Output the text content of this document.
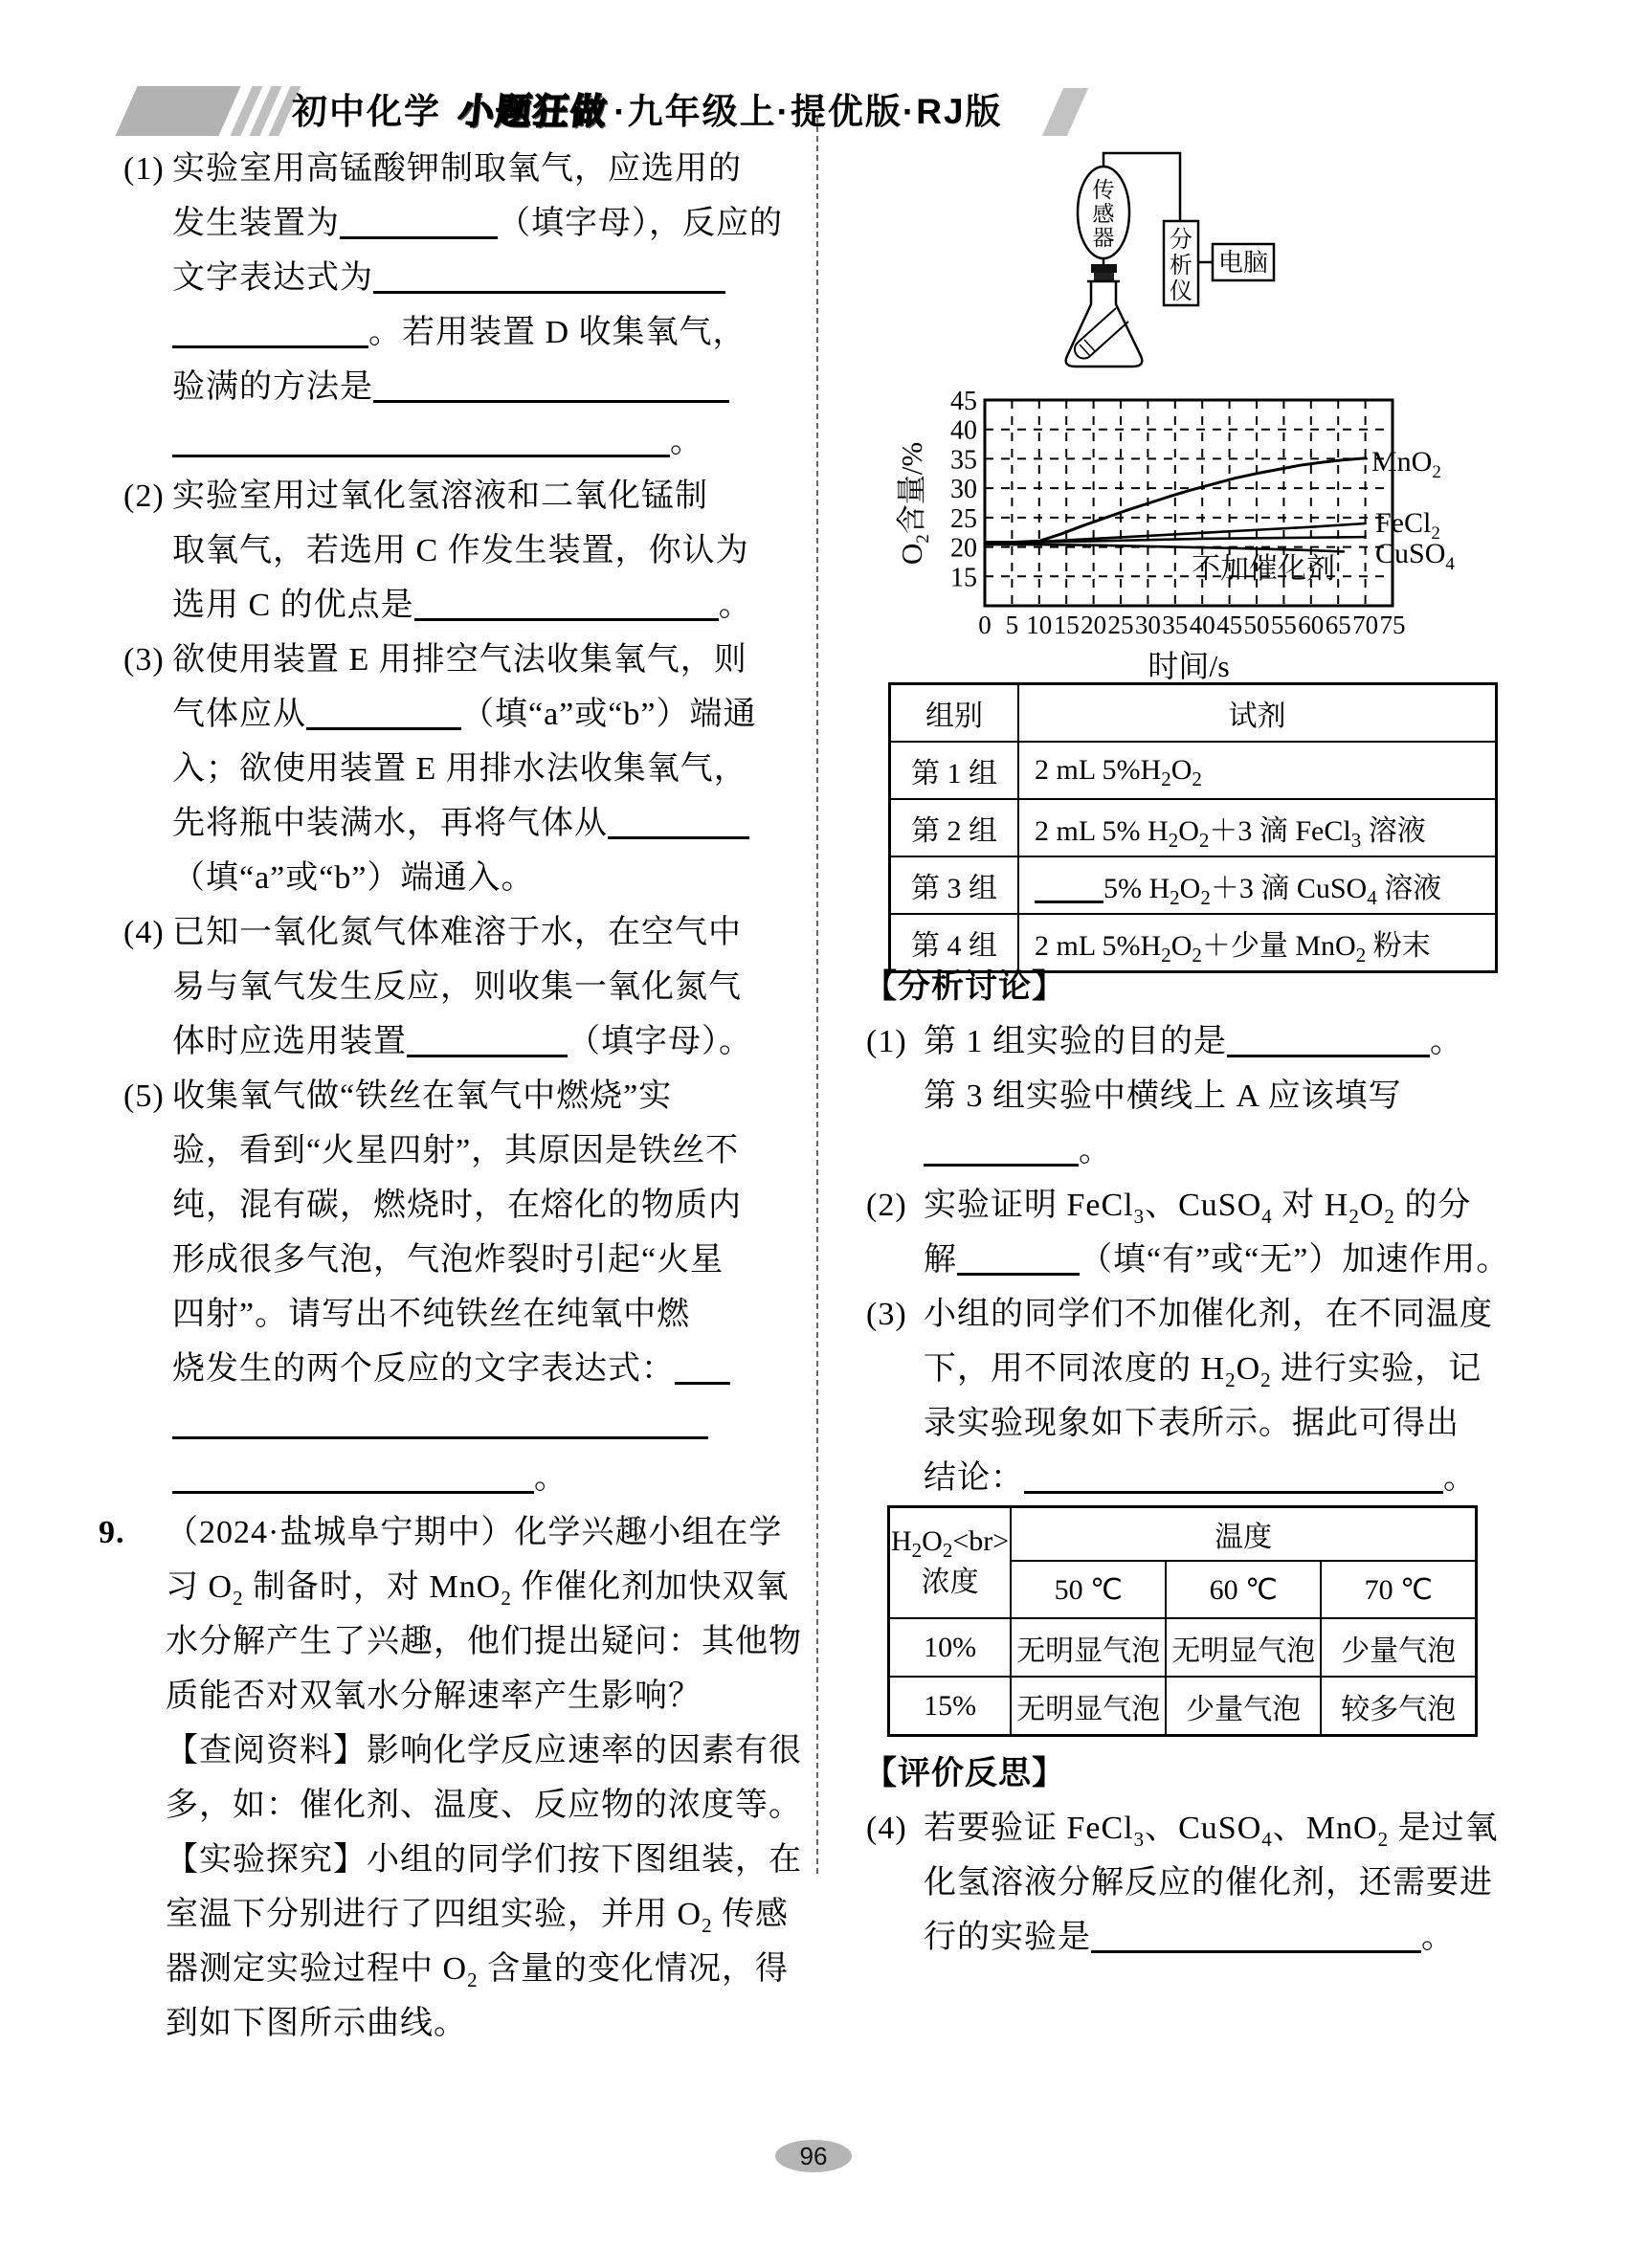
初中化学 小题狂做 ·九年级上·提优版·RJ版
(1) 实验室用高锰酸钾制取氧气，应选用的
发生装置为	（填字母），反应的
文字表达式为
。若用装置 D 收集氧气，
验满的方法是
。
(2) 实验室用过氧化氢溶液和二氧化锰制
取氧气，若选用 C 作发生装置，你认为
选用 C 的优点是	。
(3) 欲使用装置 E 用排空气法收集氧气，则
气体应从	（填“a”或“b”）端通
入；欲使用装置 E 用排水法收集氧气，
先将瓶中装满水，再将气体从
（填“a”或“b”）端通入。
(4) 已知一氧化氮气体难溶于水，在空气中
易与氧气发生反应，则收集一氧化氮气
体时应选用装置	（填字母）。
(5) 收集氧气做“铁丝在氧气中燃烧”实
验，看到“火星四射”，其原因是铁丝不
纯，混有碳，燃烧时，在熔化的物质内
形成很多气泡，气泡炸裂时引起“火星
四射”。请写出不纯铁丝在纯氧中燃
烧发生的两个反应的文字表达式：
。
9.	（2024·盐城阜宁期中）化学兴趣小组在学
习 $O_2$ 制备时，对 MnO$_2$ 作催化剂加快双氧
水分解产生了兴趣，他们提出疑问：其他物
质能否对双氧水分解速率产生影响？
【查阅资料】影响化学反应速率的因素有很
多，如：催化剂、温度、反应物的浓度等。
【实验探究】小组的同学们按下图组装，在
室温下分别进行了四组实验，并用 $O_2$ 传感
器测定实验过程中 $O_2$ 含量的变化情况，得
到如下图所示曲线。
传
感
器 分
析
仪
电脑
15
20
25
30
35
40
45
0 5 10 15 20 25 30 35 40 45 50 55 60 65 70 75
$O_2$含量/%
时间/s
MnO$_2$
FeCl$_2$
CuSO$_4$
不加催化剂
组别	试剂
第 1 组	2 mL $5\%H_2O_2$
第 2 组	2 mL 5% $H_2O_2+3$ 滴 FeCl$_3$ 溶液
第 3 组	5% $H_2O_2+3$ 滴 CuSO$_4$ 溶液
第 4 组	2 mL $5\%H_2O_2+$少量 MnO$_2$ 粉末
【分析讨论】
(1) 第 1 组实验的目的是	。
第 3 组实验中横线上 A 应该填写
。
(2) 实验证明 FeCl$_3$、CuSO$_4$ 对 $H_2O_2$ 的分
解	（填“有”或“无”）加速作用。
(3) 小组的同学们不加催化剂，在不同温度
下，用不同浓度的 $H_2O_2$ 进行实验，记
录实验现象如下表所示。据此可得出
结论：	。
$H_2O_2<br>$浓度	温度		
	50 ℃	60 ℃	70 ℃
10%	无明显气泡	无明显气泡	少量气泡
15%	无明显气泡	少量气泡	较多气泡
【评价反思】
(4) 若要验证 FeCl$_3$、CuSO$_4$、MnO$_2$ 是过氧
化氢溶液分解反应的催化剂，还需要进
行的实验是	。
96
